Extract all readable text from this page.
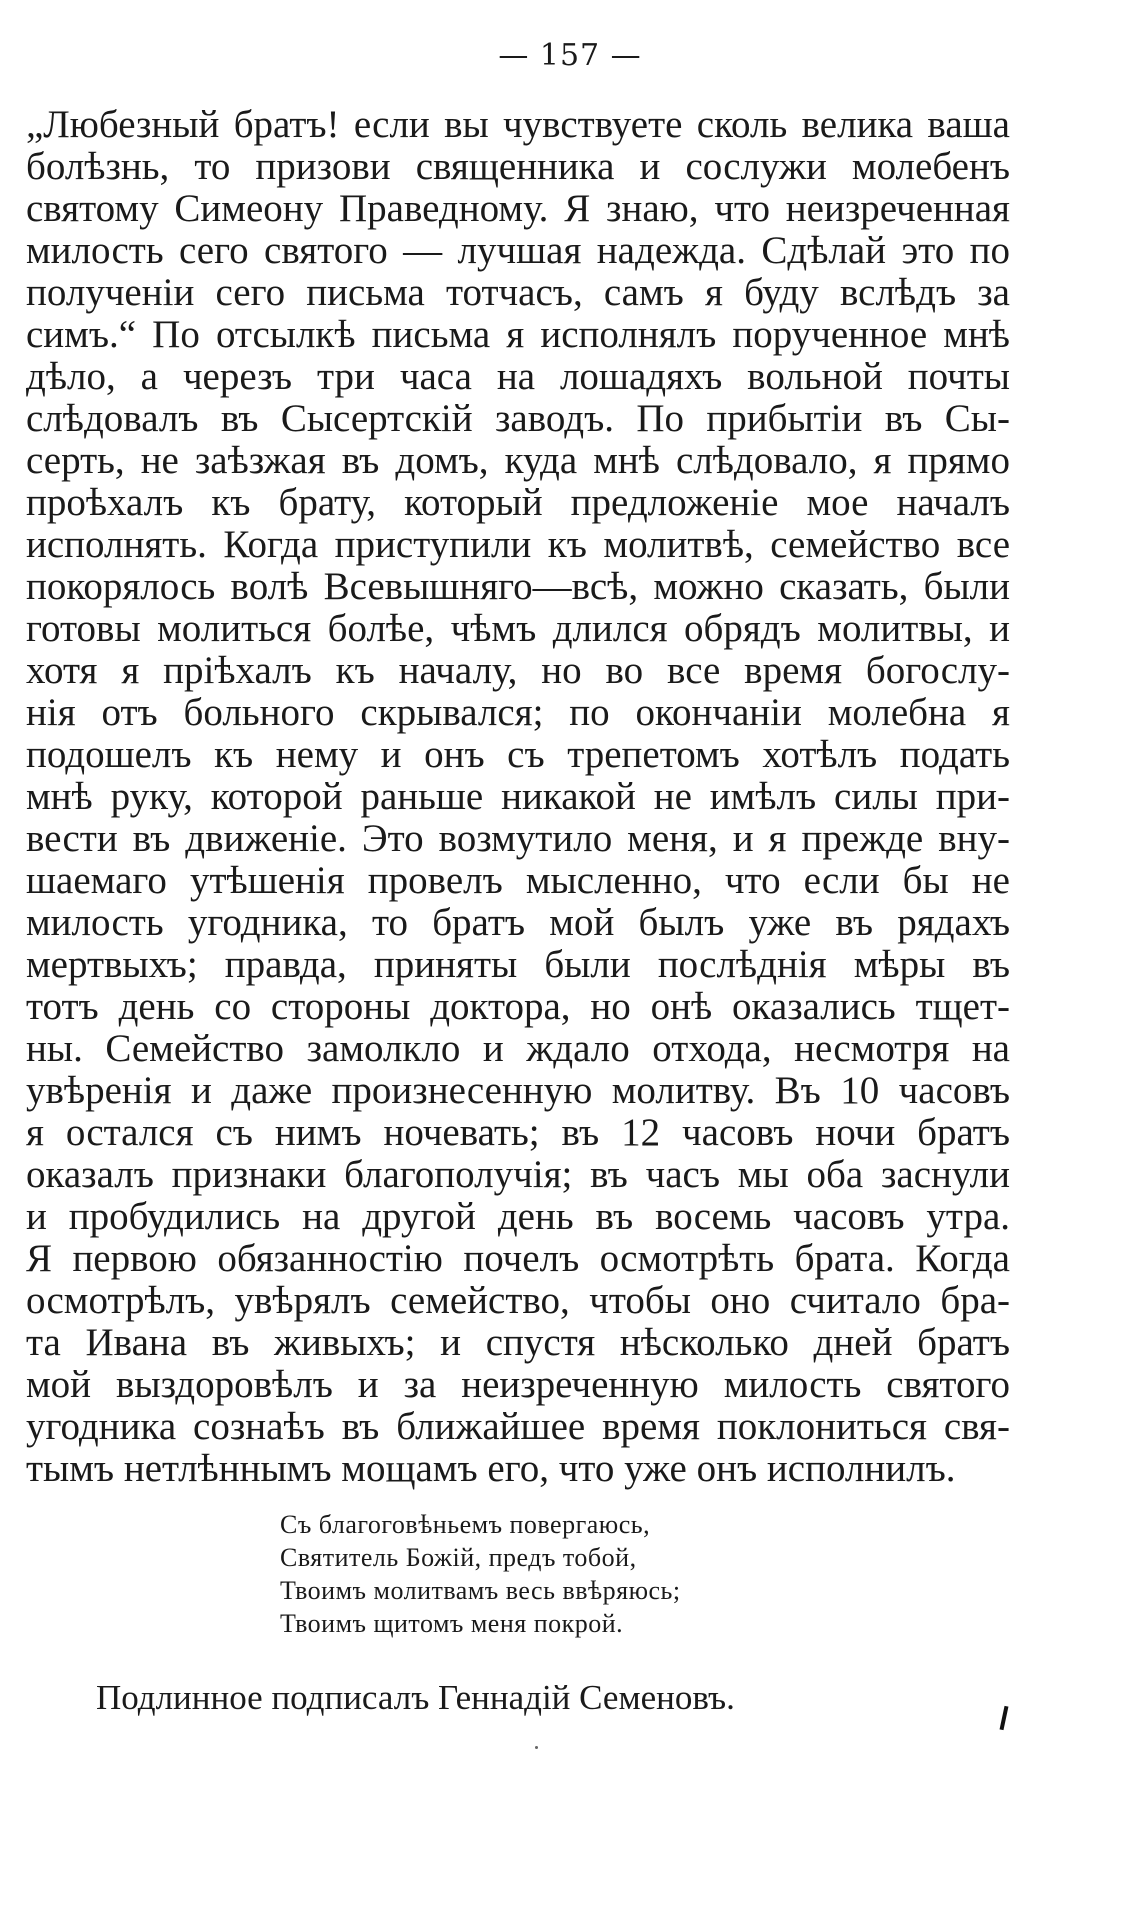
— 157 —
„Любезный братъ! если вы чувствуете сколь велика ваша
болѣзнь, то призови священника и сослужи молебенъ
святому Симеону Праведному. Я знаю, что неизреченная
милость сего святого — лучшая надежда. Сдѣлай это по
полученіи сего письма тотчасъ, самъ я буду вслѣдъ за
симъ.“ По отсылкѣ письма я исполнялъ порученное мнѣ
дѣло, а черезъ три часа на лошадяхъ вольной почты
слѣдовалъ въ Сысертскій заводъ. По прибытіи въ Сы-
серть, не заѣзжая въ домъ, куда мнѣ слѣдовало, я прямо
проѣхалъ къ брату, который предложеніе мое началъ
исполнять. Когда приступили къ молитвѣ, семейство все
покорялось волѣ Всевышняго—всѣ, можно сказать, были
готовы молиться болѣе, чѣмъ длился обрядъ молитвы, и
хотя я пріѣхалъ къ началу, но во все время богослу-
нія отъ больного скрывался; по окончаніи молебна я
подошелъ къ нему и онъ съ трепетомъ хотѣлъ подать
мнѣ руку, которой раньше никакой не имѣлъ силы при-
вести въ движеніе. Это возмутило меня, и я прежде вну-
шаемаго утѣшенія провелъ мысленно, что если бы не
милость угодника, то братъ мой былъ уже въ рядахъ
мертвыхъ; правда, приняты были послѣднія мѣры въ
тотъ день со стороны доктора, но онѣ оказались тщет-
ны. Семейство замолкло и ждало отхода, несмотря на
увѣренія и даже произнесенную молитву. Въ 10 часовъ
я остался съ нимъ ночевать; въ 12 часовъ ночи братъ
оказалъ признаки благополучія; въ часъ мы оба заснули
и пробудились на другой день въ восемь часовъ утра.
Я первою обязанностію почелъ осмотрѣть брата. Когда
осмотрѣлъ, увѣрялъ семейство, чтобы оно считало бра-
та Ивана въ живыхъ; и спустя нѣсколько дней братъ
мой выздоровѣлъ и за неизреченную милость святого
угодника сознаѣъ въ ближайшее время поклониться свя-
тымъ нетлѣннымъ мощамъ его, что уже онъ исполнилъ.
Съ благоговѣньемъ повергаюсь,
Святитель Божій, предъ тобой,
Твоимъ молитвамъ весь ввѣряюсь;
Твоимъ щитомъ меня покрой.
Подлинное подписалъ Геннадій Семеновъ.
